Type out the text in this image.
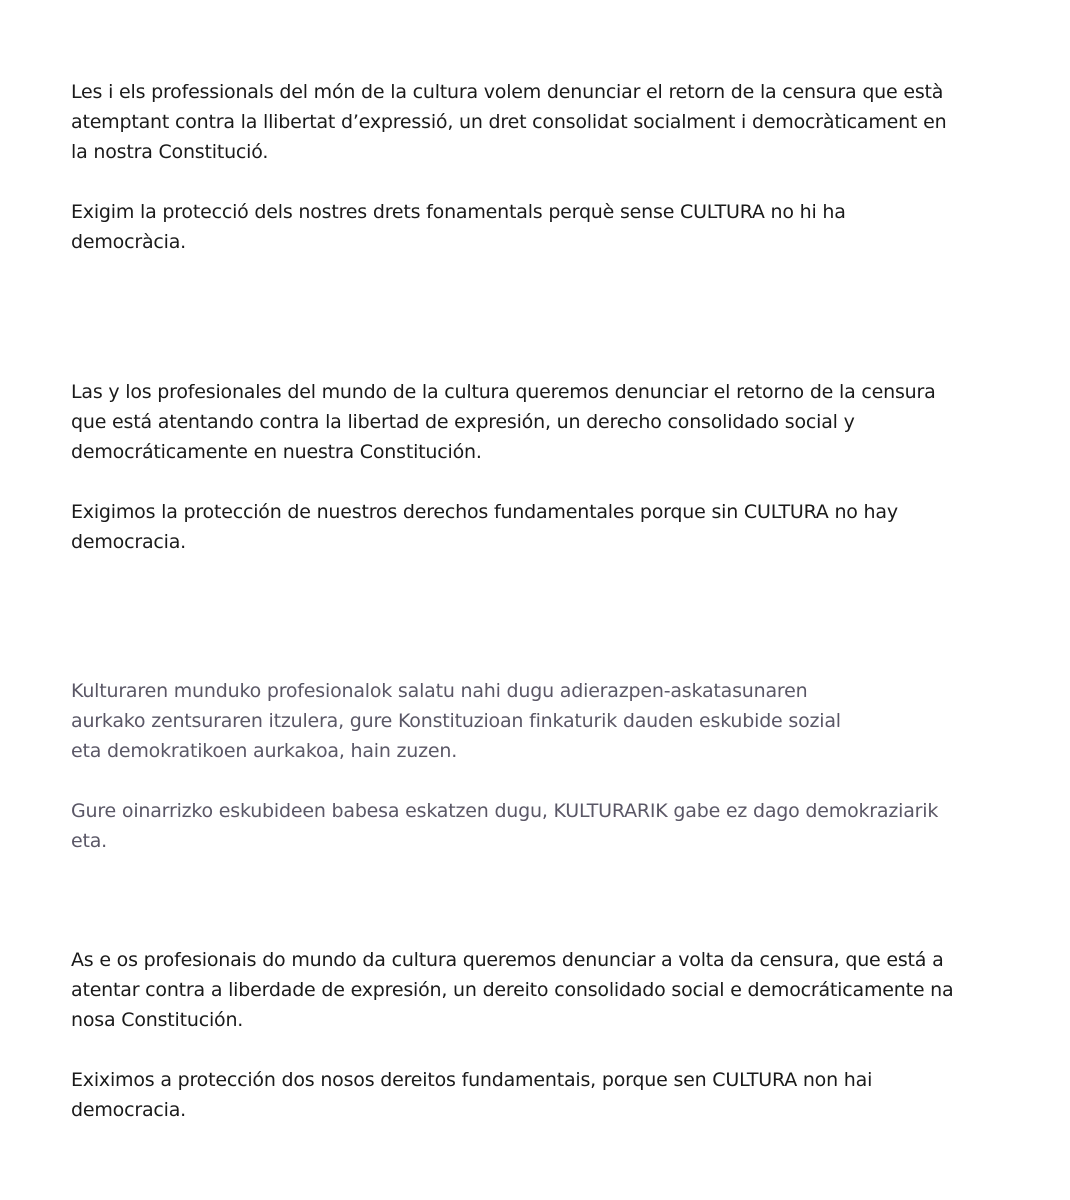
Les i els professionals del món de la cultura volem denunciar el retorn de la censura que està
atemptant contra la llibertat d’expressió, un dret consolidat socialment i democràticament en
la nostra Constitució.

Exigim la protecció dels nostres drets fonamentals perquè sense CULTURA no hi ha
democràcia.

Las y los profesionales del mundo de la cultura queremos denunciar el retorno de la censura
que está atentando contra la libertad de expresión, un derecho consolidado social y
democráticamente en nuestra Constitución.

Exigimos la protección de nuestros derechos fundamentales porque sin CULTURA no hay
democracia.

Kulturaren munduko profesionalok salatu nahi dugu adierazpen-askatasunaren
aurkako zentsuraren itzulera, gure Konstituzioan finkaturik dauden eskubide sozial
eta demokratikoen aurkakoa, hain zuzen.

Gure oinarrizko eskubideen babesa eskatzen dugu, KULTURARIK gabe ez dago demokraziarik
eta.

As e os profesionais do mundo da cultura queremos denunciar a volta da censura, que está a
atentar contra a liberdade de expresión, un dereito consolidado social e democráticamente na
nosa Constitución.

Exiximos a protección dos nosos dereitos fundamentais, porque sen CULTURA non hai
democracia.
